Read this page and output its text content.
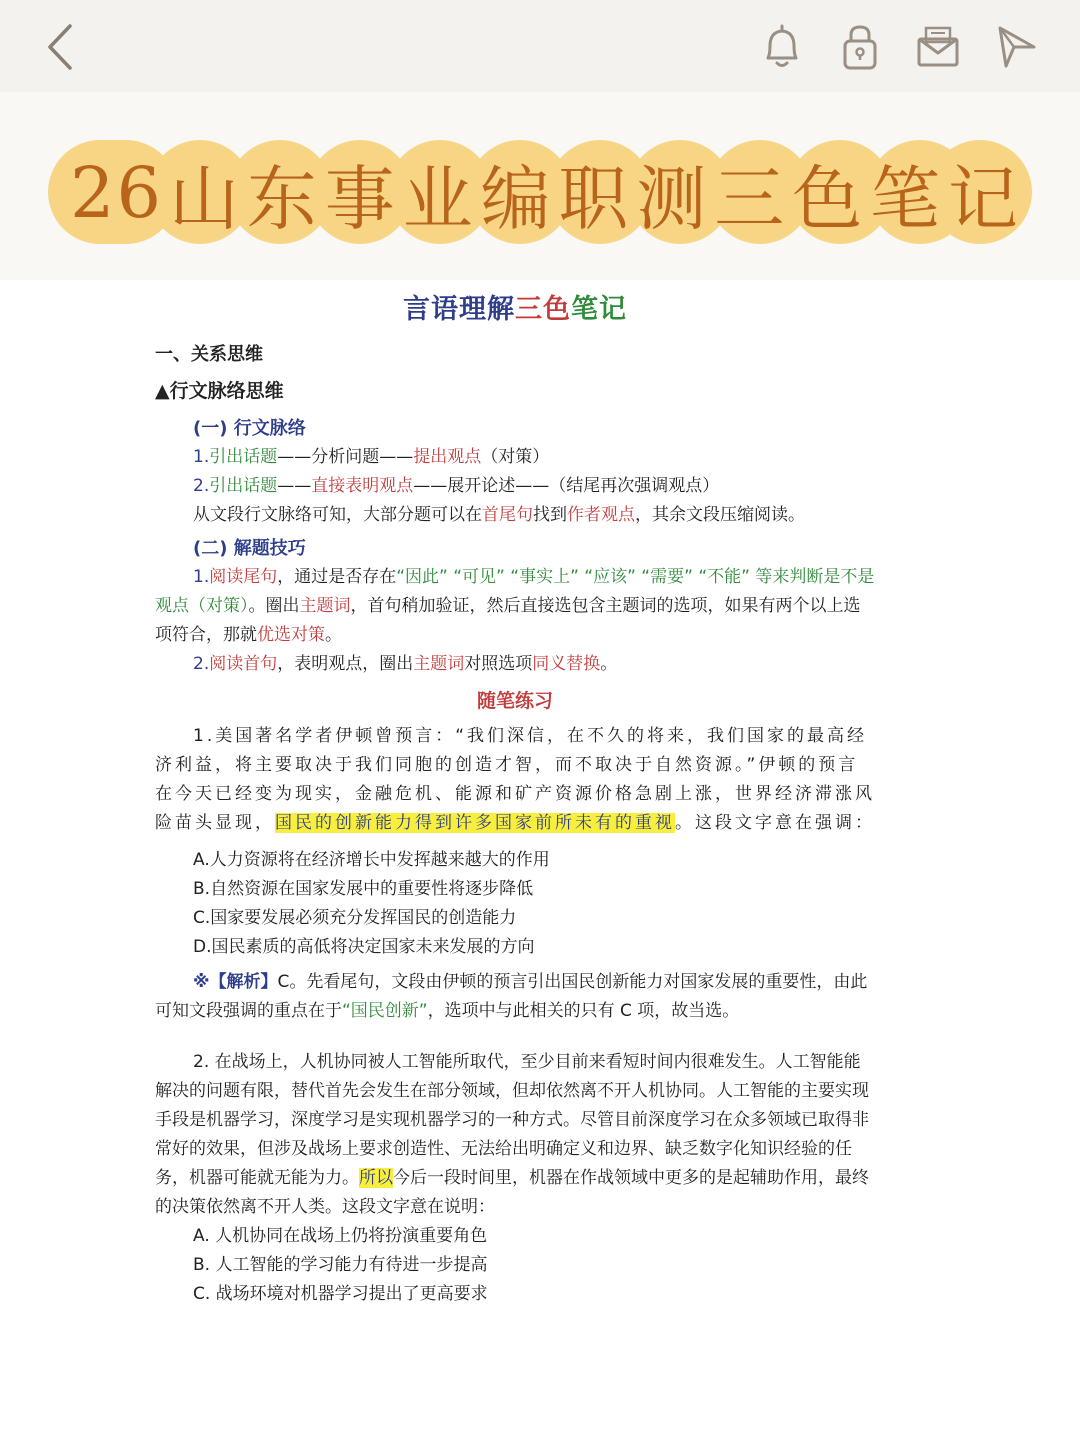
26 山 东 事 业 编 职 测 三 色 笔 记
言语理解三色笔记
一、关系思维
▲行文脉络思维
(一) 行文脉络

1.引出话题——分析问题——提出观点（对策）

2.引出话题——直接表明观点——展开论述——（结尾再次强调观点）

从文段行文脉络可知，大部分题可以在首尾句找到作者观点，其余文段压缩阅读。

(二) 解题技巧

1.阅读尾句，通过是否存在“因此” “可见” “事实上” “应该” “需要” “不能” 等来判断是不是观点（对策）。圈出主题词，首句稍加验证，然后直接选包含主题词的选项，如果有两个以上选项符合，那就优选对策。

2.阅读首句，表明观点，圈出主题词对照选项同义替换。

随笔练习

1.美国著名学者伊顿曾预言：“我们深信，在不久的将来，我们国家的最高经济利益，将主要取决于我们同胞的创造才智，而不取决于自然资源。”伊顿的预言在今天已经变为现实，金融危机、能源和矿产资源价格急剧上涨，世界经济滞涨风险苗头显现，国民的创新能力得到许多国家前所未有的重视。这段文字意在强调：

A.人力资源将在经济增长中发挥越来越大的作用
B.自然资源在国家发展中的重要性将逐步降低
C.国家要发展必须充分发挥国民的创造能力
D.国民素质的高低将决定国家未来发展的方向

※【解析】C。先看尾句，文段由伊顿的预言引出国民创新能力对国家发展的重要性，由此可知文段强调的重点在于“国民创新”，选项中与此相关的只有 C 项，故当选。

2. 在战场上，人机协同被人工智能所取代，至少目前来看短时间内很难发生。人工智能能解决的问题有限，替代首先会发生在部分领域，但却依然离不开人机协同。人工智能的主要实现手段是机器学习，深度学习是实现机器学习的一种方式。尽管目前深度学习在众多领域已取得非常好的效果，但涉及战场上要求创造性、无法给出明确定义和边界、缺乏数字化知识经验的任务，机器可能就无能为力。所以今后一段时间里，机器在作战领域中更多的是起辅助作用，最终的决策依然离不开人类。这段文字意在说明：

A. 人机协同在战场上仍将扮演重要角色
B. 人工智能的学习能力有待进一步提高
C. 战场环境对机器学习提出了更高要求
